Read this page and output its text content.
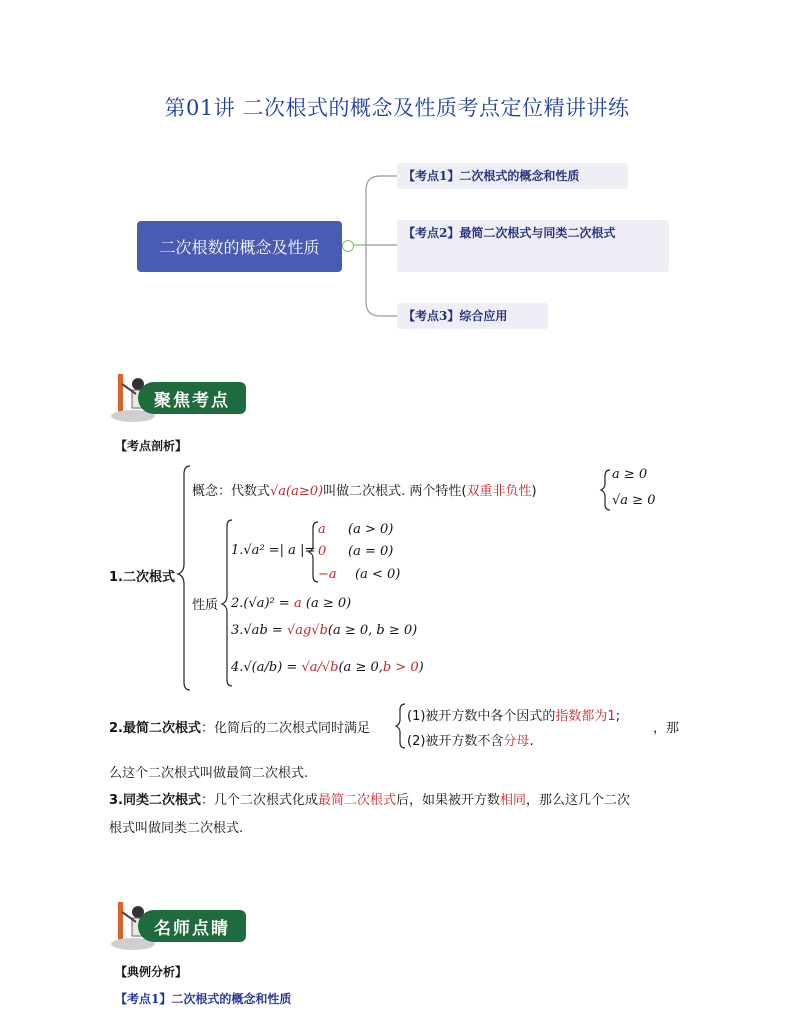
第01讲 二次根式的概念及性质考点定位精讲讲练
二次根数的概念及性质
【考点1】二次根式的概念和性质
【考点2】最简二次根式与同类二次根式
【考点3】综合应用
聚焦考点
【考点剖析】
1.二次根式
概念：代数式√a(a≥0)叫做二次根式. 两个特性(双重非负性)
a ≥ 0
√a ≥ 0
性质
1.√a² =| a |=
a (a > 0)
0 (a = 0)
−a (a < 0)
2.(√a)² = a (a ≥ 0)
3.√ab = √ag√b(a ≥ 0, b ≥ 0)
4.√(a/b) = √a/√b(a ≥ 0,b > 0)
2.最简二次根式：化简后的二次根式同时满足
(1)被开方数中各个因式的指数都为1;
(2)被开方数不含分母.
，那
么这个二次根式叫做最简二次根式.
3.同类二次根式：几个二次根式化成最简二次根式后，如果被开方数相同，那么这几个二次
根式叫做同类二次根式.
名师点睛
【典例分析】
【考点1】二次根式的概念和性质
